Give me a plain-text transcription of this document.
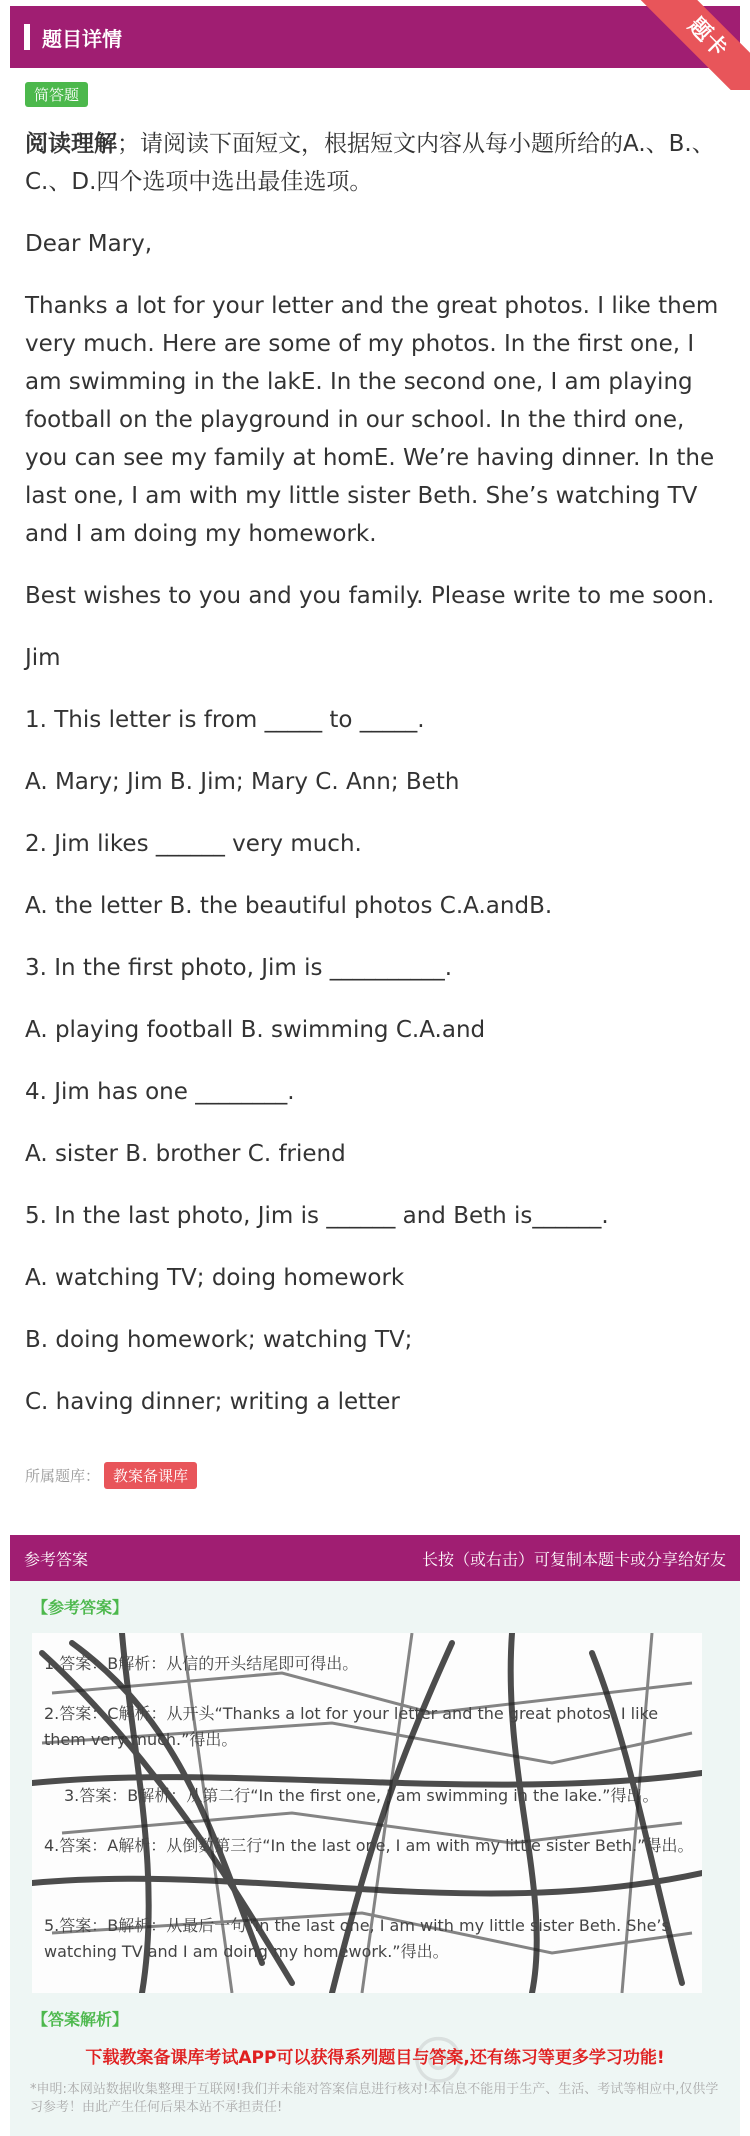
题目详情	题卡
简答题

阅读理解；请阅读下面短文，根据短文内容从每小题所给的A.、B.、C.、D.四个选项中选出最佳选项。

Dear Mary,

Thanks a lot for your letter and the great photos. I like them very much. Here are some of my photos. In the first one, I am swimming in the lakE. In the second one, I am playing football on the playground in our school. In the third one, you can see my family at homE. We’re having dinner. In the last one, I am with my little sister Beth. She’s watching TV and I am doing my homework.

Best wishes to you and you family. Please write to me soon.

Jim

1. This letter is from _____ to _____.

A. Mary; Jim B. Jim; Mary C. Ann; Beth

2. Jim likes ______ very much.

A. the letter B. the beautiful photos C.A.andB.

3. In the first photo, Jim is __________.

A. playing football B. swimming C.A.and

4. Jim has one ________.

A. sister B. brother C. friend

5. In the last photo, Jim is ______ and Beth is______.

A. watching TV; doing homework

B. doing homework; watching TV;

C. having dinner; writing a letter

所属题库： 教案备课库
参考答案	长按（或右击）可复制本题卡或分享给好友
◎
【参考答案】
1.答案：B解析：从信的开头结尾即可得出。
2.答案：C解析：从开头“Thanks a lot for your letter and the great photos. I like them very much.”得出。
3.答案：B解析：从第二行“In the first one, I am swimming in the lake.”得出。
4.答案：A解析：从倒数第三行“In the last one, I am with my little sister Beth.”得出。
5.答案：B解析：从最后一句“In the last one, I am with my little sister Beth. She’s watching TV and I am doing my homework.”得出。
【答案解析】
下载教案备课库考试APP可以获得系列题目与答案,还有练习等更多学习功能!
*申明:本网站数据收集整理于互联网!我们并未能对答案信息进行核对!本信息不能用于生产、生活、考试等相应中,仅供学习参考！由此产生任何后果本站不承担责任!
